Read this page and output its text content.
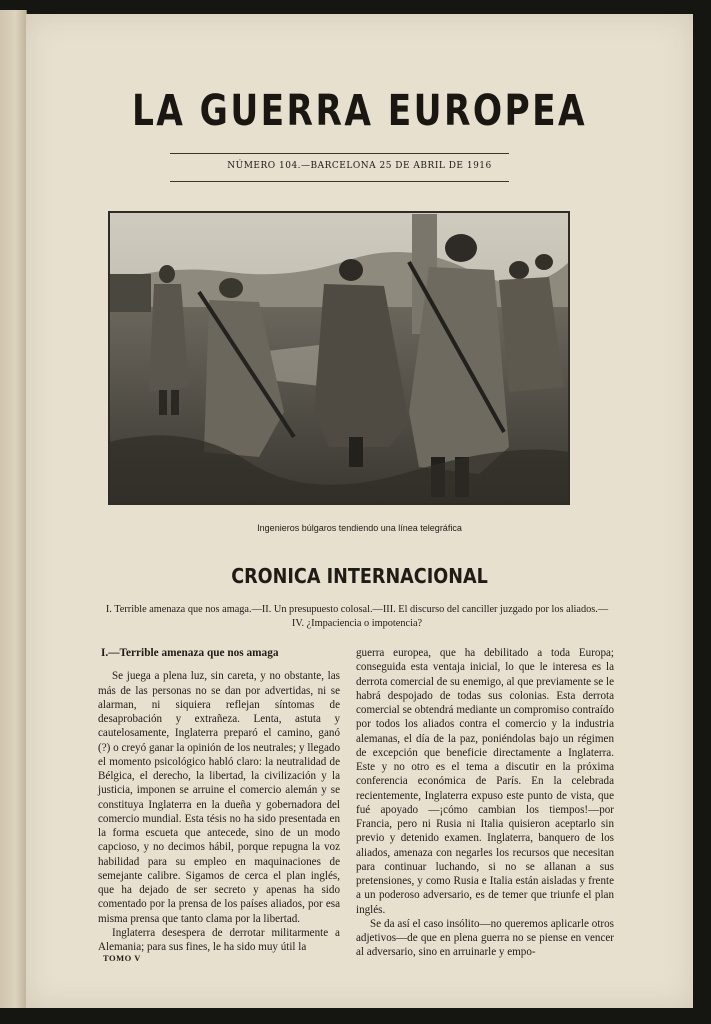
LA GUERRA EUROPEA
NÚMERO 104.—BARCELONA 25 DE ABRIL DE 1916
Ingenieros búlgaros tendiendo una línea telegráfica
CRONICA INTERNACIONAL
I. Terrible amenaza que nos amaga.—II. Un presupuesto colosal.—III. El discurso del canciller juzgado por los aliados.—
IV. ¿Impaciencia o impotencia?
I.—Terrible amenaza que nos amaga

Se juega a plena luz, sin careta, y no obstante, las más de las personas no se dan por advertidas, ni se alarman, ni siquiera reflejan síntomas de desaprobación y extrañeza. Lenta, astuta y cautelosamente, Inglaterra preparó el camino, ganó (?) o creyó ganar la opinión de los neutrales; y llegado el momento psicológico habló claro: la neutralidad de Bélgica, el derecho, la libertad, la civilización y la justicia, imponen se arruine el comercio alemán y se constituya Inglaterra en la dueña y gobernadora del comercio mundial. Esta tésis no ha sido presentada en la forma escueta que antecede, sino de un modo capcioso, y no decimos hábil, porque repugna la voz habilidad para su empleo en maquinaciones de semejante calibre. Sigamos de cerca el plan inglés, que ha dejado de ser secreto y apenas ha sido comentado por la prensa de los países aliados, por esa misma prensa que tanto clama por la libertad.

Inglaterra desespera de derrotar militarmente a Alemania; para sus fines, le ha sido muy útil la

guerra europea, que ha debilitado a toda Europa; conseguida esta ventaja inicial, lo que le interesa es la derrota comercial de su enemigo, al que previamente se le habrá despojado de todas sus colonias. Esta derrota comercial se obtendrá mediante un compromiso contraído por todos los aliados contra el comercio y la industria alemanas, el día de la paz, poniéndolas bajo un régimen de excepción que beneficie directamente a Inglaterra. Este y no otro es el tema a discutir en la próxima conferencia económica de París. En la celebrada recientemente, Inglaterra expuso este punto de vista, que fué apoyado —¡cómo cambian los tiempos!—por Francia, pero ni Rusia ni Italia quisieron aceptarlo sin previo y detenido examen. Inglaterra, banquero de los aliados, amenaza con negarles los recursos que necesitan para continuar luchando, si no se allanan a sus pretensiones, y como Rusia e Italia están aisladas y frente a un poderoso adversario, es de temer que triunfe el plan inglés.

Se da así el caso insólito—no queremos aplicarle otros adjetivos—de que en plena guerra no se piense en vencer al adversario, sino en arruinarle y empo-

TOMO V
